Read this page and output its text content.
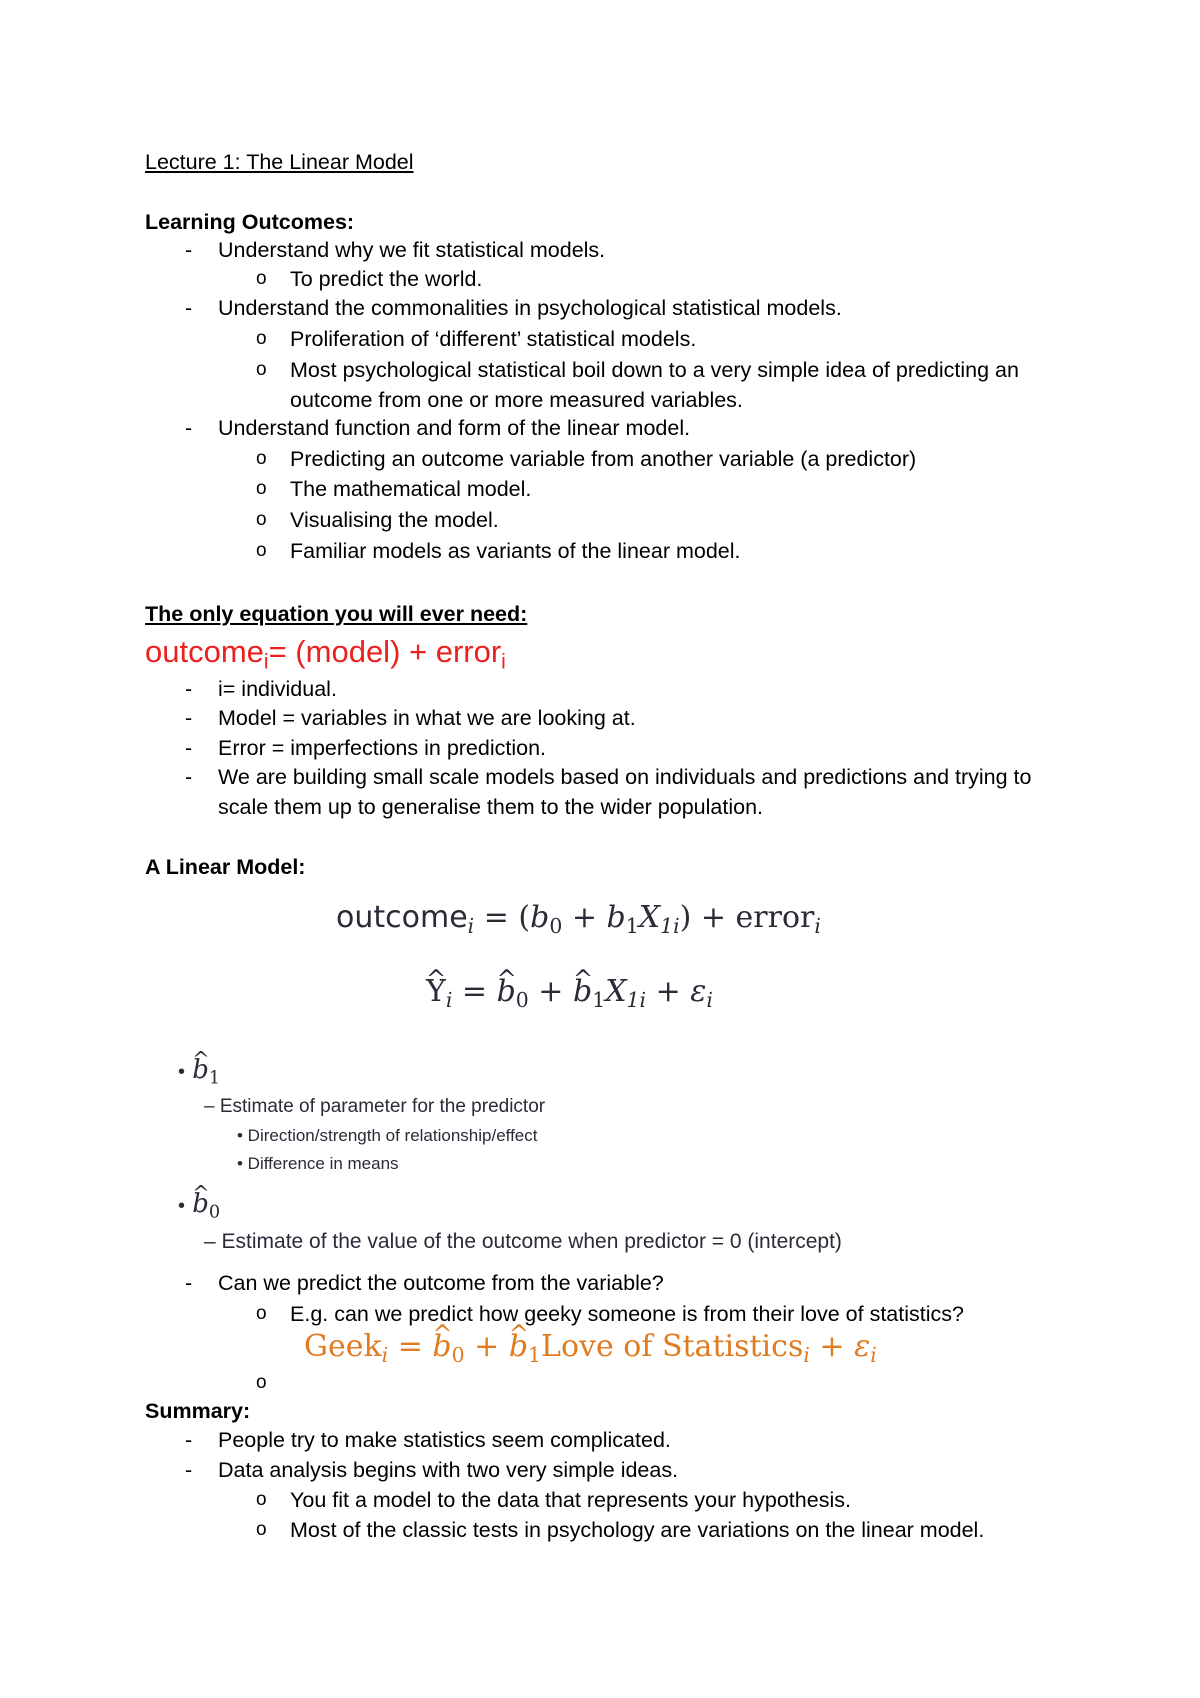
Lecture 1: The Linear Model
Learning Outcomes:
- Understand why we fit statistical models.
o To predict the world.
- Understand the commonalities in psychological statistical models.
o Proliferation of ‘different’ statistical models.
o Most psychological statistical boil down to a very simple idea of predicting an
outcome from one or more measured variables.
- Understand function and form of the linear model.
o Predicting an outcome variable from another variable (a predictor)
o The mathematical model.
o Visualising the model.
o Familiar models as variants of the linear model.
The only equation you will ever need:
outcome$_i$= (model) + error$_i$
- i= individual.
- Model = variables in what we are looking at.
- Error = imperfections in prediction.
- We are building small scale models based on individuals and predictions and trying to
scale them up to generalise them to the wider population.
A Linear Model:
outcome$_i$ = $(b_0 + b_1X_{1i})$ + error$_i$
^ $Y_i$ = ^ $b_0$ + ^ $b_1X_{1i} + \varepsilon_i$
• ^ $b_1$
– Estimate of parameter for the predictor
• Direction/strength of relationship/effect
• Difference in means
• ^ $b_0$
– Estimate of the value of the outcome when predictor = 0 (intercept)
- Can we predict the outcome from the variable?
o E.g. can we predict how geeky someone is from their love of statistics?
Geek$_i$ = ^ $b_0$ + ^ $b_1Love$ of Statistics$_i$ + $\varepsilon_i$
o
Summary:
- People try to make statistics seem complicated.
- Data analysis begins with two very simple ideas.
o You fit a model to the data that represents your hypothesis.
o Most of the classic tests in psychology are variations on the linear model.
